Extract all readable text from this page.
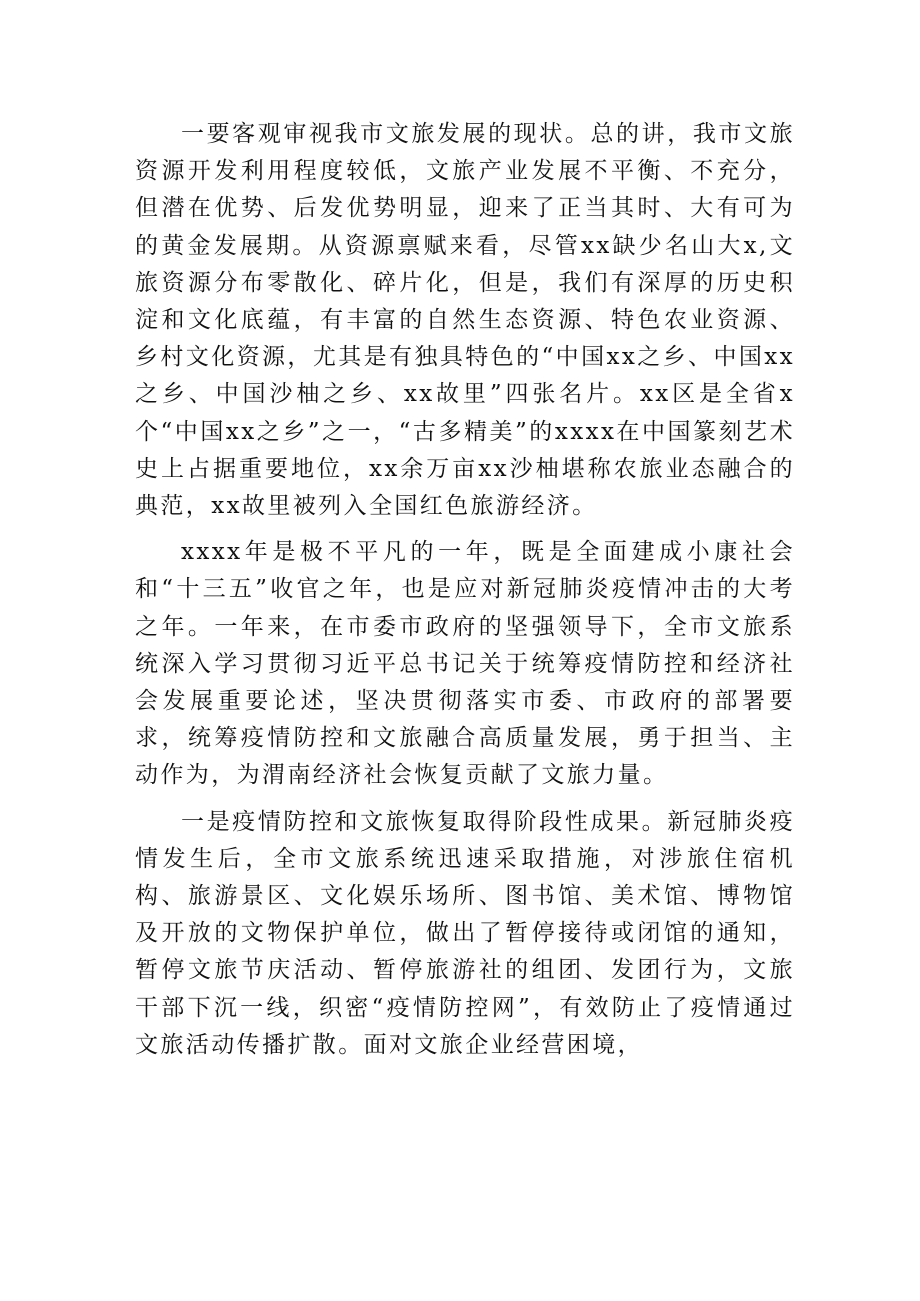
一要客观审视我市文旅发展的现状。总的讲，我市文旅资源开发利用程度较低，文旅产业发展不平衡、不充分，但潜在优势、后发优势明显，迎来了正当其时、大有可为的黄金发展期。从资源禀赋来看，尽管xx缺少名山大x,文旅资源分布零散化、碎片化，但是，我们有深厚的历史积淀和文化底蕴，有丰富的自然生态资源、特色农业资源、乡村文化资源，尤其是有独具特色的“中国xx之乡、中国xx之乡、中国沙柚之乡、xx故里”四张名片。xx区是全省x个“中国xx之乡”之一，“古多精美”的xxxx在中国篆刻艺术史上占据重要地位，xx余万亩xx沙柚堪称农旅业态融合的典范，xx故里被列入全国红色旅游经济。

xxxx年是极不平凡的一年，既是全面建成小康社会和“十三五”收官之年，也是应对新冠肺炎疫情冲击的大考之年。一年来，在市委市政府的坚强领导下，全市文旅系统深入学习贯彻习近平总书记关于统筹疫情防控和经济社会发展重要论述，坚决贯彻落实市委、市政府的部署要求，统筹疫情防控和文旅融合高质量发展，勇于担当、主动作为，为渭南经济社会恢复贡献了文旅力量。

一是疫情防控和文旅恢复取得阶段性成果。新冠肺炎疫情发生后，全市文旅系统迅速采取措施，对涉旅住宿机构、旅游景区、文化娱乐场所、图书馆、美术馆、博物馆及开放的文物保护单位，做出了暂停接待或闭馆的通知，暂停文旅节庆活动、暂停旅游社的组团、发团行为，文旅干部下沉一线，织密“疫情防控网”，有效防止了疫情通过文旅活动传播扩散。面对文旅企业经营困境，
